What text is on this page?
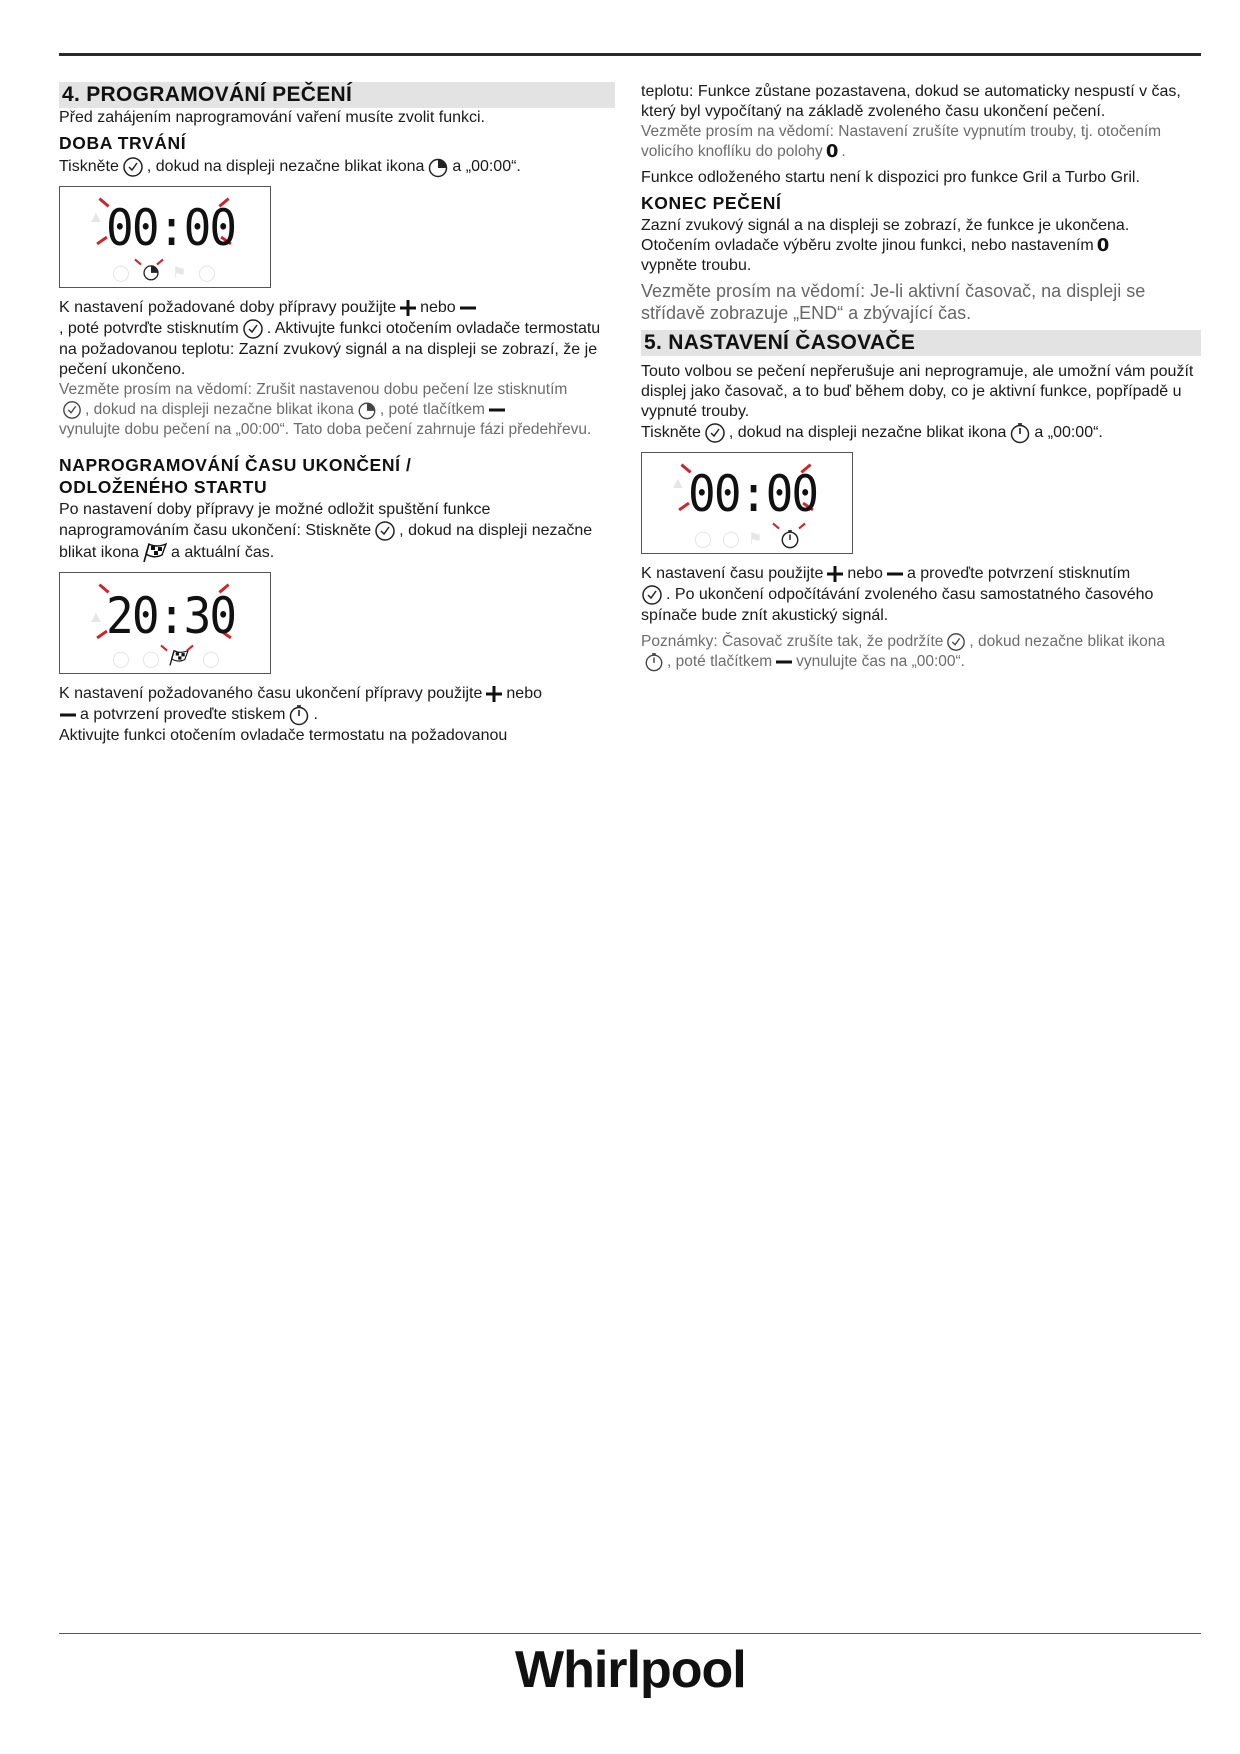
4. PROGRAMOVÁNÍ PEČENÍ

Před zahájením naprogramování vaření musíte zvolit funkci.

DOBA TRVÁNÍ

Tiskněte , dokud na displeji nezačne blikat ikona a „00:00“.

▲ 00:00
◯	⚑ ◯

K nastavení požadované doby přípravy použijte nebo

, poté potvrďte stisknutím . Aktivujte funkci otočením ovladače termostatu na požadovanou teplotu: Zazní zvukový signál a na displeji se zobrazí, že je pečení ukončeno.

Vezměte prosím na vědomí: Zrušit nastavenou dobu pečení lze stisknutím

, dokud na displeji nezačne blikat ikona , poté tlačítkem

vynulujte dobu pečení na „00:00“. Tato doba pečení zahrnuje fázi předehřevu.

NAPROGRAMOVÁNÍ ČASU UKONČENÍ /
ODLOŽENÉHO STARTU

Po nastavení doby přípravy je možné odložit spuštění funkce naprogramováním času ukončení: Stiskněte , dokud na displeji nezačne blikat ikona a aktuální čas.

▲ 20:30
◯ ◯	◯

K nastavení požadovaného času ukončení přípravy použijte nebo

a potvrzení proveďte stiskem .

Aktivujte funkci otočením ovladače termostatu na požadovanou

teplotu: Funkce zůstane pozastavena, dokud se automaticky nespustí v čas, který byl vypočítaný na základě zvoleného času ukončení pečení.

Vezměte prosím na vědomí: Nastavení zrušíte vypnutím trouby, tj. otočením volicího knoflíku do polohy 0 .

Funkce odloženého startu není k dispozici pro funkce Gril a Turbo Gril.

KONEC PEČENÍ

Zazní zvukový signál a na displeji se zobrazí, že funkce je ukončena. Otočením ovladače výběru zvolte jinou funkci, nebo nastavením 0
vypněte troubu.

Vezměte prosím na vědomí: Je-li aktivní časovač, na displeji se střídavě zobrazuje „END“ a zbývající čas.

5. NASTAVENÍ ČASOVAČE

Touto volbou se pečení nepřerušuje ani neprogramuje, ale umožní vám použít displej jako časovač, a to buď během doby, co je aktivní funkce, popřípadě u vypnuté trouby.

Tiskněte , dokud na displeji nezačne blikat ikona a „00:00“.

▲ 00:00
◯ ◯ ⚑

K nastavení času použijte nebo a proveďte potvrzení stisknutím

. Po ukončení odpočítávání zvoleného času samostatného časového spínače bude znít akustický signál.

Poznámky: Časovač zrušíte tak, že podržíte , dokud nezačne blikat ikona

, poté tlačítkem vynulujte čas na „00:00“.

Whirlpool
